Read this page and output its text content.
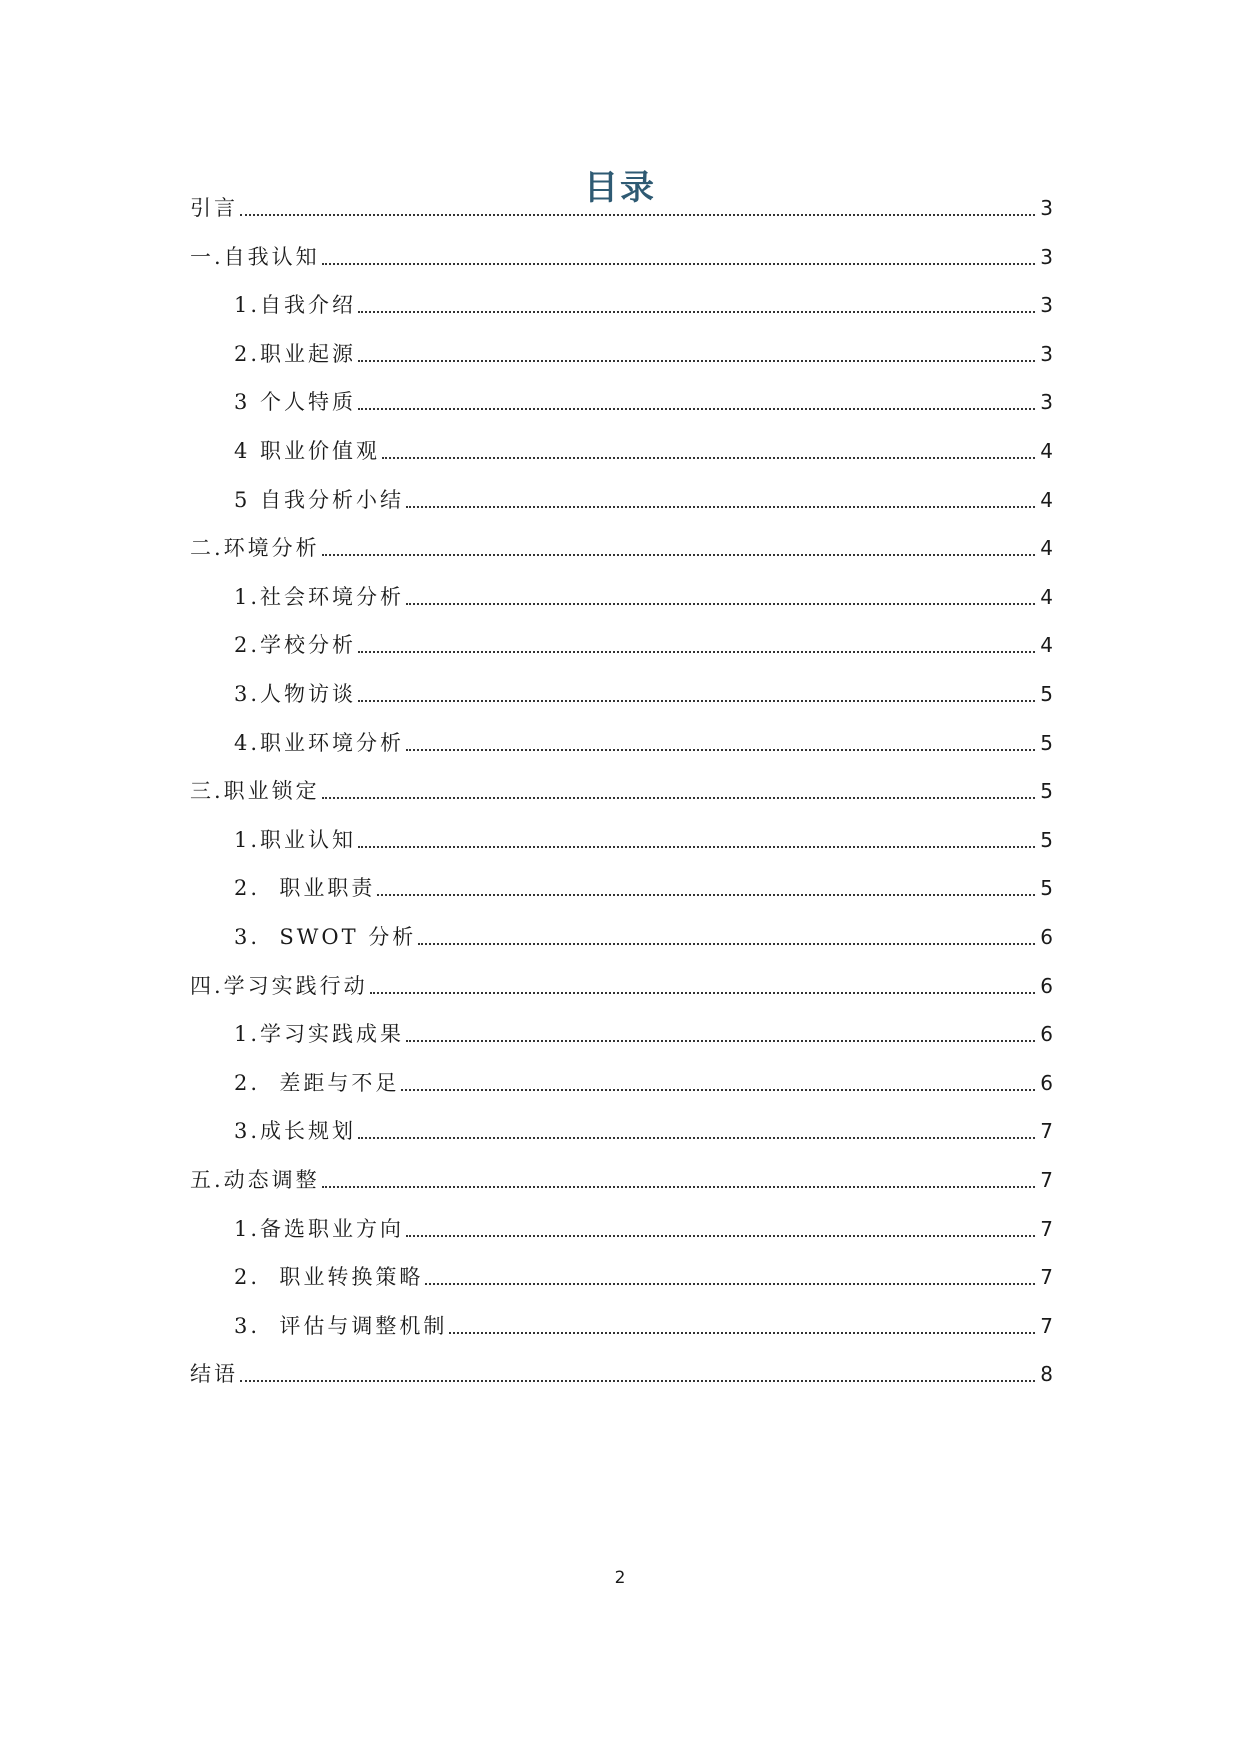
目录
引言	3
一.自我认知	3
1.自我介绍	3
2.职业起源	3
3 个人特质	3
4 职业价值观	4
5 自我分析小结	4
二.环境分析	4
1.社会环境分析	4
2.学校分析	4
3.人物访谈	5
4.职业环境分析	5
三.职业锁定	5
1.职业认知	5
2.  职业职责	5
3.  SWOT 分析	6
四.学习实践行动	6
1.学习实践成果	6
2.  差距与不足	6
3.成长规划	7
五.动态调整	7
1.备选职业方向	7
2.  职业转换策略	7
3.  评估与调整机制	7
结语	8
2
